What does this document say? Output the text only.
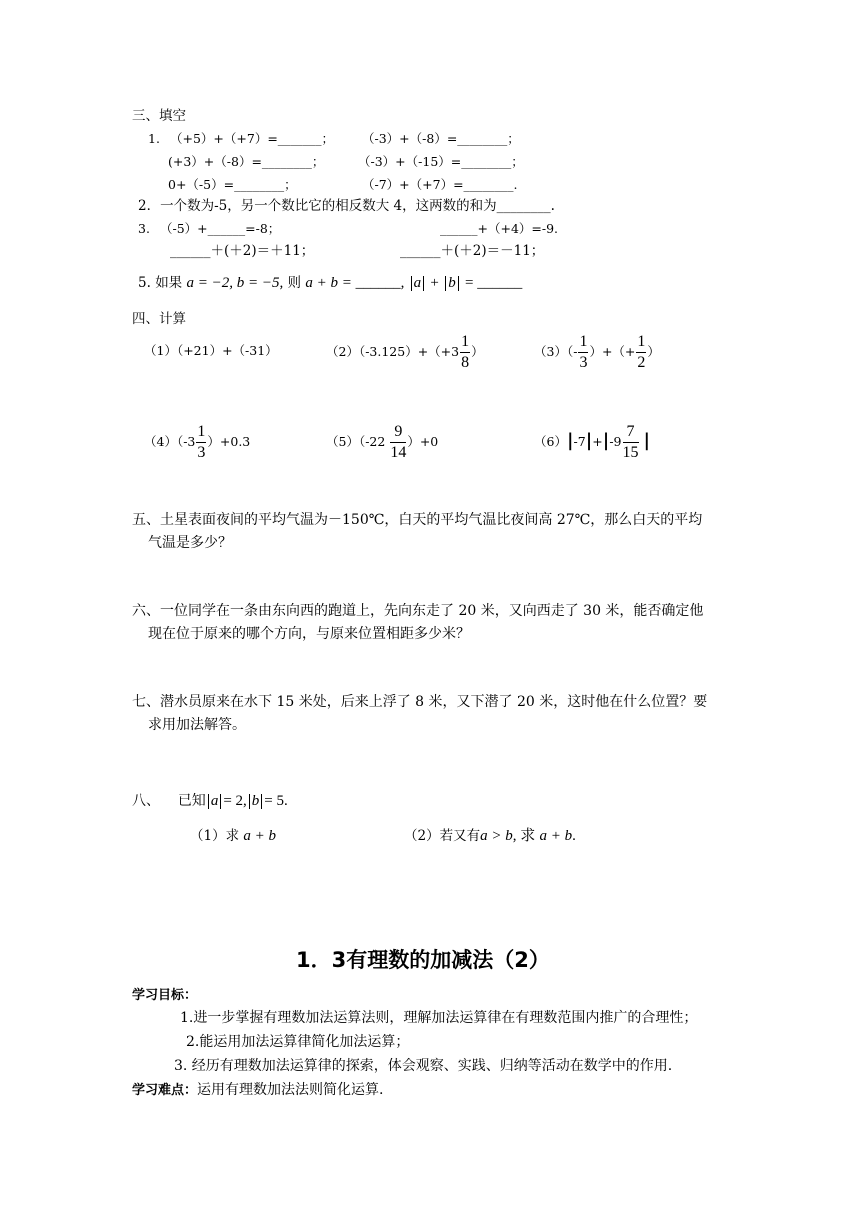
三、填空
1. （+5）+（+7）=_______； （-3）+（-8）=________；
(+3）+（-8）=________；	（-3）+（-15）=________；
0+（-5）=________；	（-7）+（+7）=________.
2．一个数为-5，另一个数比它的相反数大 4，这两数的和为________.
3. （-5）+______=-8；	______+（+4）=-9.
______＋(＋2)＝＋11；	______＋(＋2)＝－11；
5. 如果 a = −2, b = −5, 则 a + b = ______, a + b = ______
四、计算
（1）（+21）+（-31）	$(2)(-3.125)+(+3 \frac{1}{8}$ ）	$(3)(- \frac{1}{3}$ ）+（+ $\frac{1}{2}$ ）
$(4)(-3 \frac{1}{3} )+0.3$	$(5)(-22 \frac{9}{14} )+0$	$(6)|-7|+|-9 \frac{7}{15}$ |
五、土星表面夜间的平均气温为－150℃，白天的平均气温比夜间高 27℃，那么白天的平均
气温是多少？
六、一位同学在一条由东向西的跑道上，先向东走了 20 米，又向西走了 30 米，能否确定他
现在位于原来的哪个方向，与原来位置相距多少米？
七、潜水员原来在水下 15 米处，后来上浮了 8 米，又下潜了 20 米，这时他在什么位置？要
求用加法解答。
八、 已知 a = 2, b = 5.
（1）求 a + b	（2）若又有a > b, 求 a + b.
1．3有理数的加减法（2）
学习目标：
1.进一步掌握有理数加法运算法则，理解加法运算律在有理数范围内推广的合理性；
2.能运用加法运算律简化加法运算；
3. 经历有理数加法运算律的探索，体会观察、实践、归纳等活动在数学中的作用.
学习难点：运用有理数加法法则简化运算.
